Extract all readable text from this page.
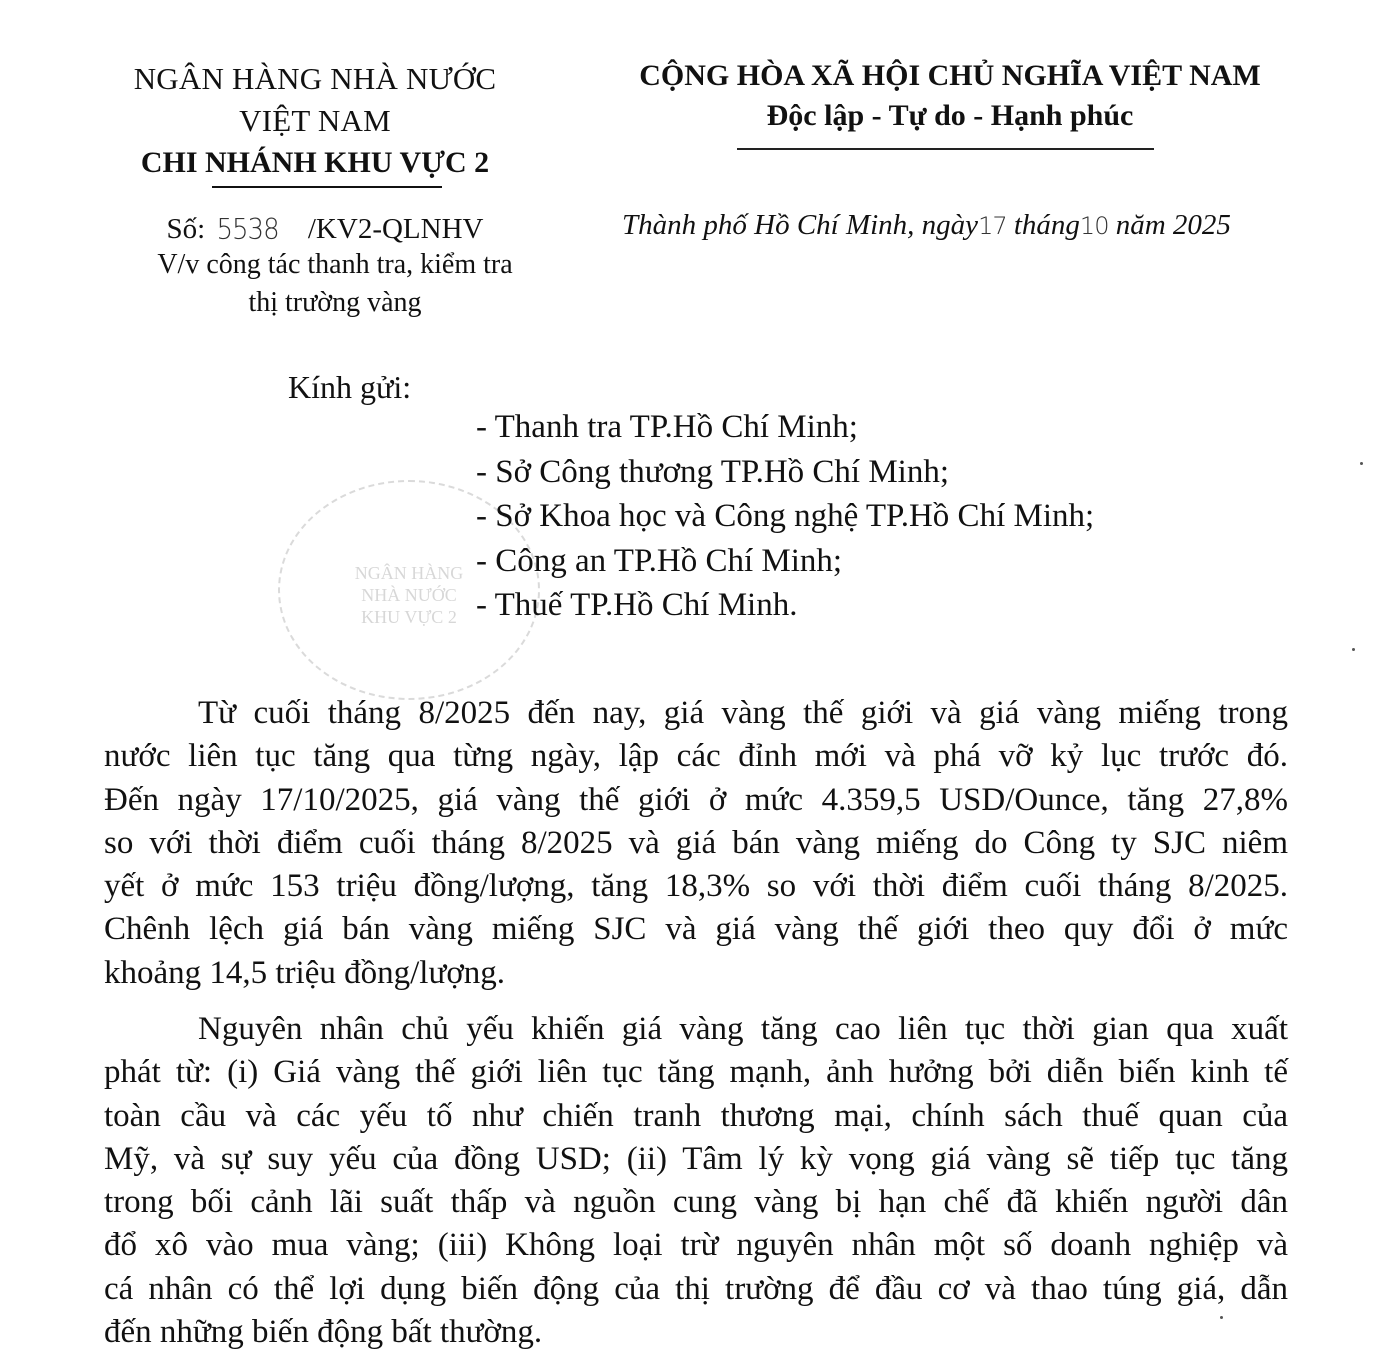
NGÂN HÀNG NHÀ NƯỚC
VIỆT NAM
CHI NHÁNH KHU VỰC 2
CỘNG HÒA XÃ HỘI CHỦ NGHĨA VIỆT NAM
Độc lập - Tự do - Hạnh phúc
Số: 5538 /KV2-QLNHV
V/v công tác thanh tra, kiểm tra
thị trường vàng
Thành phố Hồ Chí Minh, ngày17 tháng10 năm 2025
NGÂN HÀNG
NHÀ NƯỚC
KHU VỰC 2
Kính gửi:
- Thanh tra TP.Hồ Chí Minh;
- Sở Công thương TP.Hồ Chí Minh;
- Sở Khoa học và Công nghệ TP.Hồ Chí Minh;
- Công an TP.Hồ Chí Minh;
- Thuế TP.Hồ Chí Minh.
Từ cuối tháng 8/2025 đến nay, giá vàng thế giới và giá vàng miếng trong
nước liên tục tăng qua từng ngày, lập các đỉnh mới và phá vỡ kỷ lục trước đó.
Đến ngày 17/10/2025, giá vàng thế giới ở mức 4.359,5 USD/Ounce, tăng 27,8%
so với thời điểm cuối tháng 8/2025 và giá bán vàng miếng do Công ty SJC niêm
yết ở mức 153 triệu đồng/lượng, tăng 18,3% so với thời điểm cuối tháng 8/2025.
Chênh lệch giá bán vàng miếng SJC và giá vàng thế giới theo quy đổi ở mức
khoảng 14,5 triệu đồng/lượng.
Nguyên nhân chủ yếu khiến giá vàng tăng cao liên tục thời gian qua xuất
phát từ: (i) Giá vàng thế giới liên tục tăng mạnh, ảnh hưởng bởi diễn biến kinh tế
toàn cầu và các yếu tố như chiến tranh thương mại, chính sách thuế quan của
Mỹ, và sự suy yếu của đồng USD; (ii) Tâm lý kỳ vọng giá vàng sẽ tiếp tục tăng
trong bối cảnh lãi suất thấp và nguồn cung vàng bị hạn chế đã khiến người dân
đổ xô vào mua vàng; (iii) Không loại trừ nguyên nhân một số doanh nghiệp và
cá nhân có thể lợi dụng biến động của thị trường để đầu cơ và thao túng giá, dẫn
đến những biến động bất thường.
